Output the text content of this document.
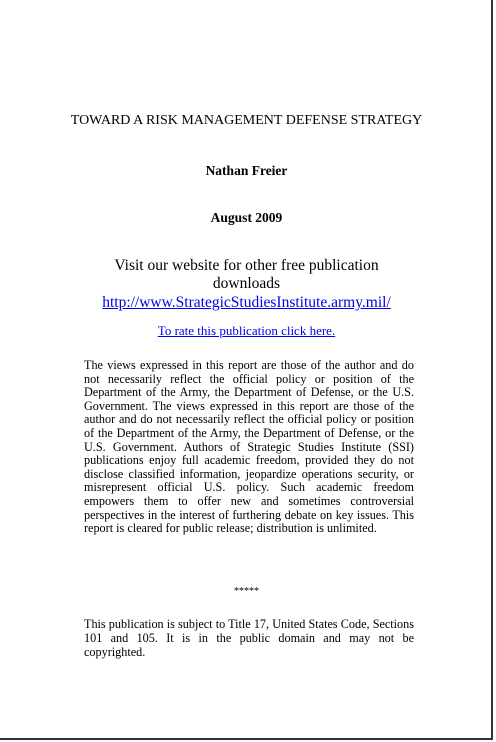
TOWARD A RISK MANAGEMENT DEFENSE STRATEGY
Nathan Freier
August 2009
Visit our website for other free publication downloads
http://www.StrategicStudiesInstitute.army.mil/
To rate this publication click here.
The views expressed in this report are those of the author and do not necessarily reflect the official policy or position of the Department of the Army, the Department of Defense, or the U.S. Government. The views expressed in this report are those of the author and do not necessarily reflect the official policy or position of the Department of the Army, the Department of Defense, or the U.S. Government. Authors of Strategic Studies Institute (SSI) publications enjoy full academic freedom, provided they do not disclose classified information, jeopardize operations security, or misrepresent official U.S. policy. Such academic freedom empowers them to offer new and sometimes controversial perspectives in the interest of furthering debate on key issues. This report is cleared for public release; distribution is unlimited.
*****
This publication is subject to Title 17, United States Code, Sections 101 and 105. It is in the public domain and may not be copyrighted.
